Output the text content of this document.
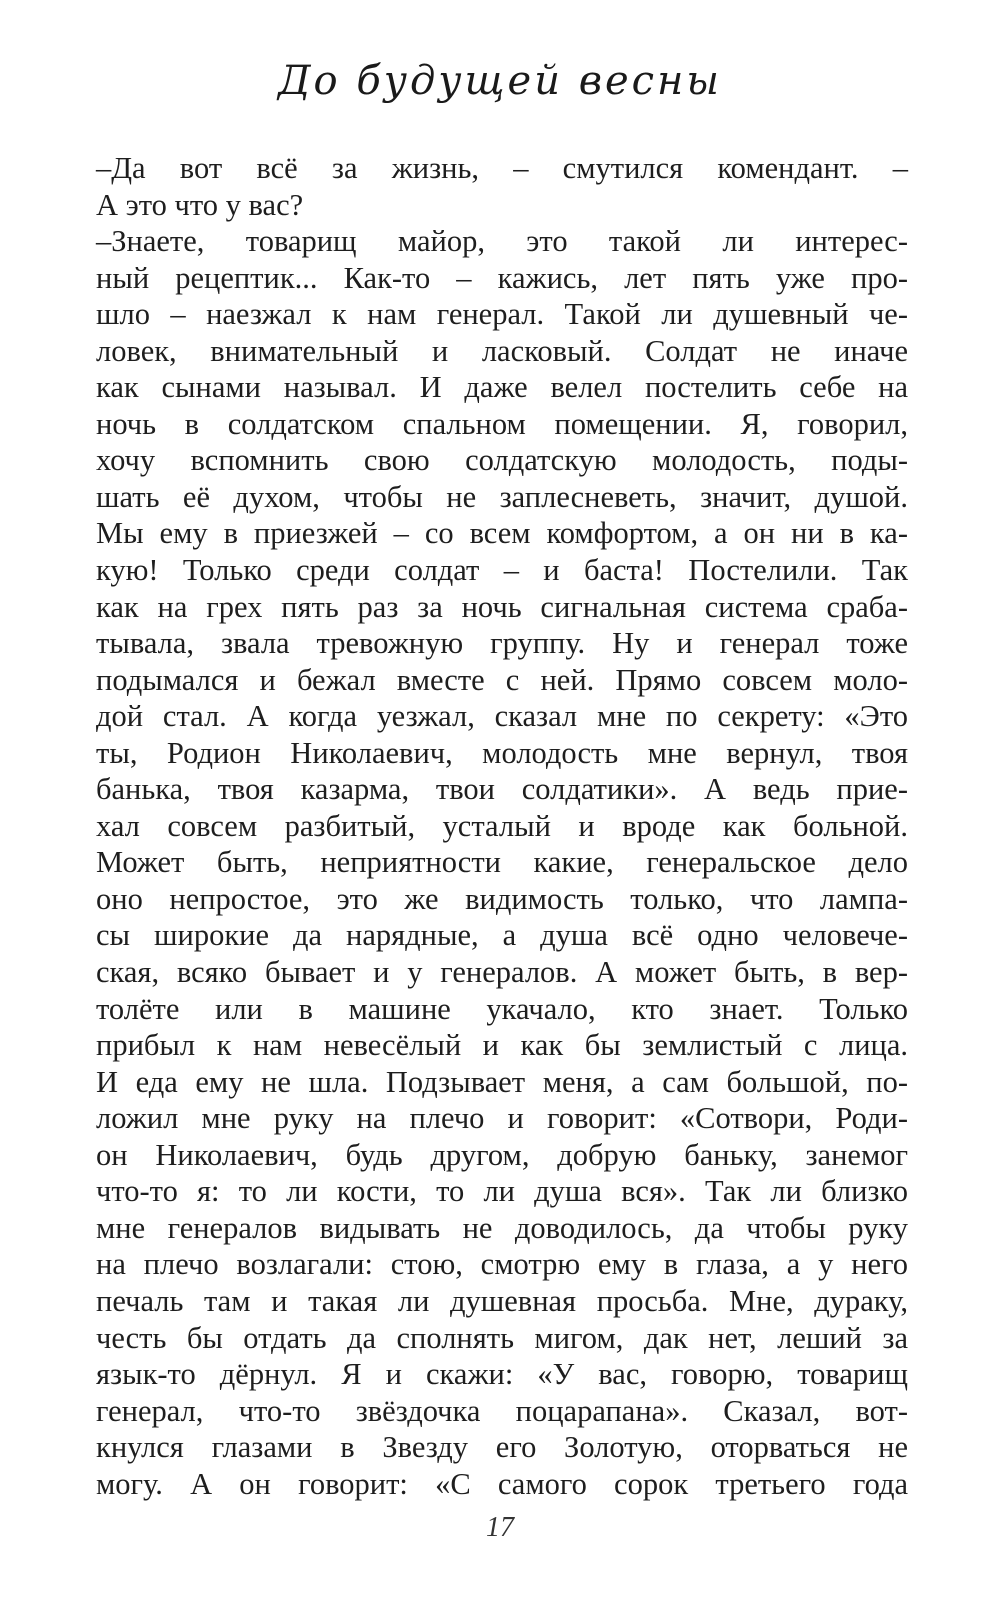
До будущей весны
–Да вот всё за жизнь, – смутился комендант. –
А это что у вас?
–Знаете, товарищ майор, это такой ли интерес-
ный рецептик... Как-то – кажись, лет пять уже про-
шло – наезжал к нам генерал. Такой ли душевный че-
ловек, внимательный и ласковый. Солдат не иначе
как сынами называл. И даже велел постелить себе на
ночь в солдатском спальном помещении. Я, говорил,
хочу вспомнить свою солдатскую молодость, поды-
шать её духом, чтобы не заплесневеть, значит, душой.
Мы ему в приезжей – со всем комфортом, а он ни в ка-
кую! Только среди солдат – и баста! Постелили. Так
как на грех пять раз за ночь сигнальная система сраба-
тывала, звала тревожную группу. Ну и генерал тоже
подымался и бежал вместе с ней. Прямо совсем моло-
дой стал. А когда уезжал, сказал мне по секрету: «Это
ты, Родион Николаевич, молодость мне вернул, твоя
банька, твоя казарма, твои солдатики». А ведь прие-
хал совсем разбитый, усталый и вроде как больной.
Может быть, неприятности какие, генеральское дело
оно непростое, это же видимость только, что лампа-
сы широкие да нарядные, а душа всё одно человече-
ская, всяко бывает и у генералов. А может быть, в вер-
толёте или в машине укачало, кто знает. Только
прибыл к нам невесёлый и как бы землистый с лица.
И еда ему не шла. Подзывает меня, а сам большой, по-
ложил мне руку на плечо и говорит: «Сотвори, Роди-
он Николаевич, будь другом, добрую баньку, занемог
что-то я: то ли кости, то ли душа вся». Так ли близко
мне генералов видывать не доводилось, да чтобы руку
на плечо возлагали: стою, смотрю ему в глаза, а у него
печаль там и такая ли душевная просьба. Мне, дураку,
честь бы отдать да сполнять мигом, дак нет, леший за
язык-то дёрнул. Я и скажи: «У вас, говорю, товарищ
генерал, что-то звёздочка поцарапана». Сказал, вот-
кнулся глазами в Звезду его Золотую, оторваться не
могу. А он говорит: «С самого сорок третьего года
17
